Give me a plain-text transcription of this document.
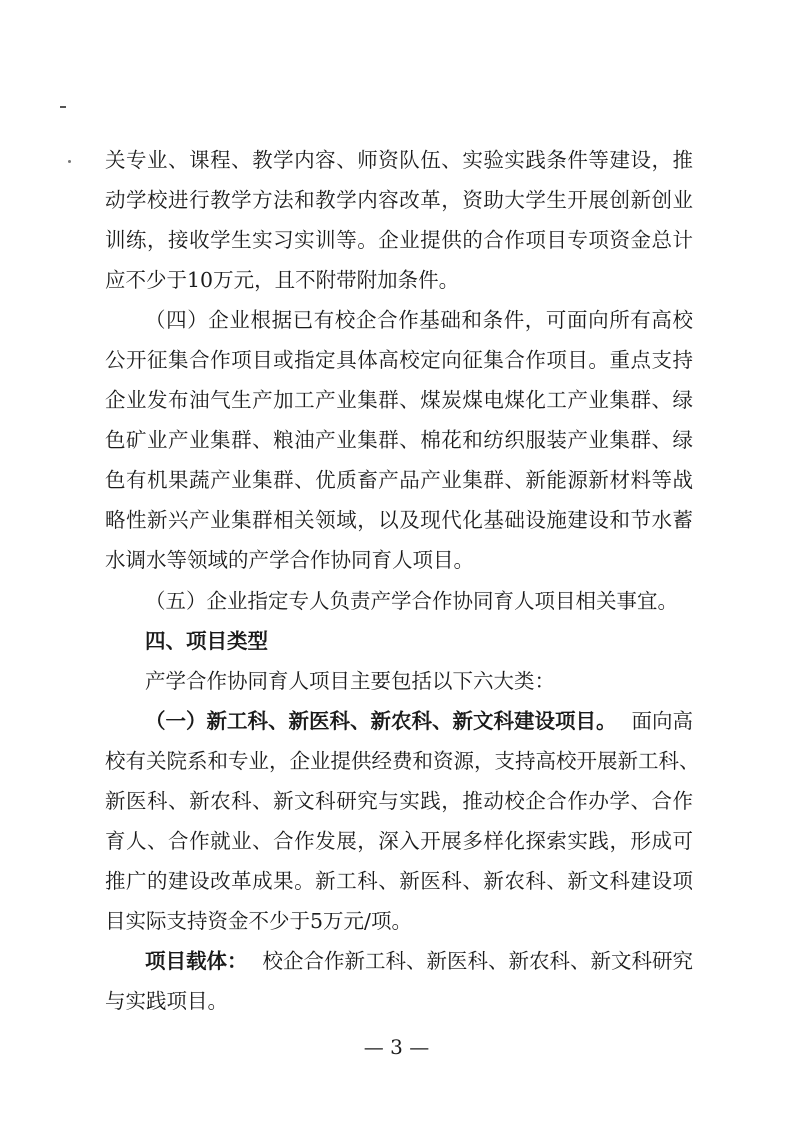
关专业、课程、教学内容、师资队伍、实验实践条件等建设，推
动学校进行教学方法和教学内容改革，资助大学生开展创新创业
训练，接收学生实习实训等。企业提供的合作项目专项资金总计
应不少于10万元，且不附带附加条件。
（四）企业根据已有校企合作基础和条件，可面向所有高校
公开征集合作项目或指定具体高校定向征集合作项目。重点支持
企业发布油气生产加工产业集群、煤炭煤电煤化工产业集群、绿
色矿业产业集群、粮油产业集群、棉花和纺织服装产业集群、绿
色有机果蔬产业集群、优质畜产品产业集群、新能源新材料等战
略性新兴产业集群相关领域，以及现代化基础设施建设和节水蓄
水调水等领域的产学合作协同育人项目。
（五）企业指定专人负责产学合作协同育人项目相关事宜。
四、项目类型
产学合作协同育人项目主要包括以下六大类：
（一）新工科、新医科、新农科、新文科建设项目。 面向高
校有关院系和专业，企业提供经费和资源，支持高校开展新工科、
新医科、新农科、新文科研究与实践，推动校企合作办学、合作
育人、合作就业、合作发展，深入开展多样化探索实践，形成可
推广的建设改革成果。新工科、新医科、新农科、新文科建设项
目实际支持资金不少于5万元/项。
项目载体： 校企合作新工科、新医科、新农科、新文科研究
与实践项目。
— 3 —
